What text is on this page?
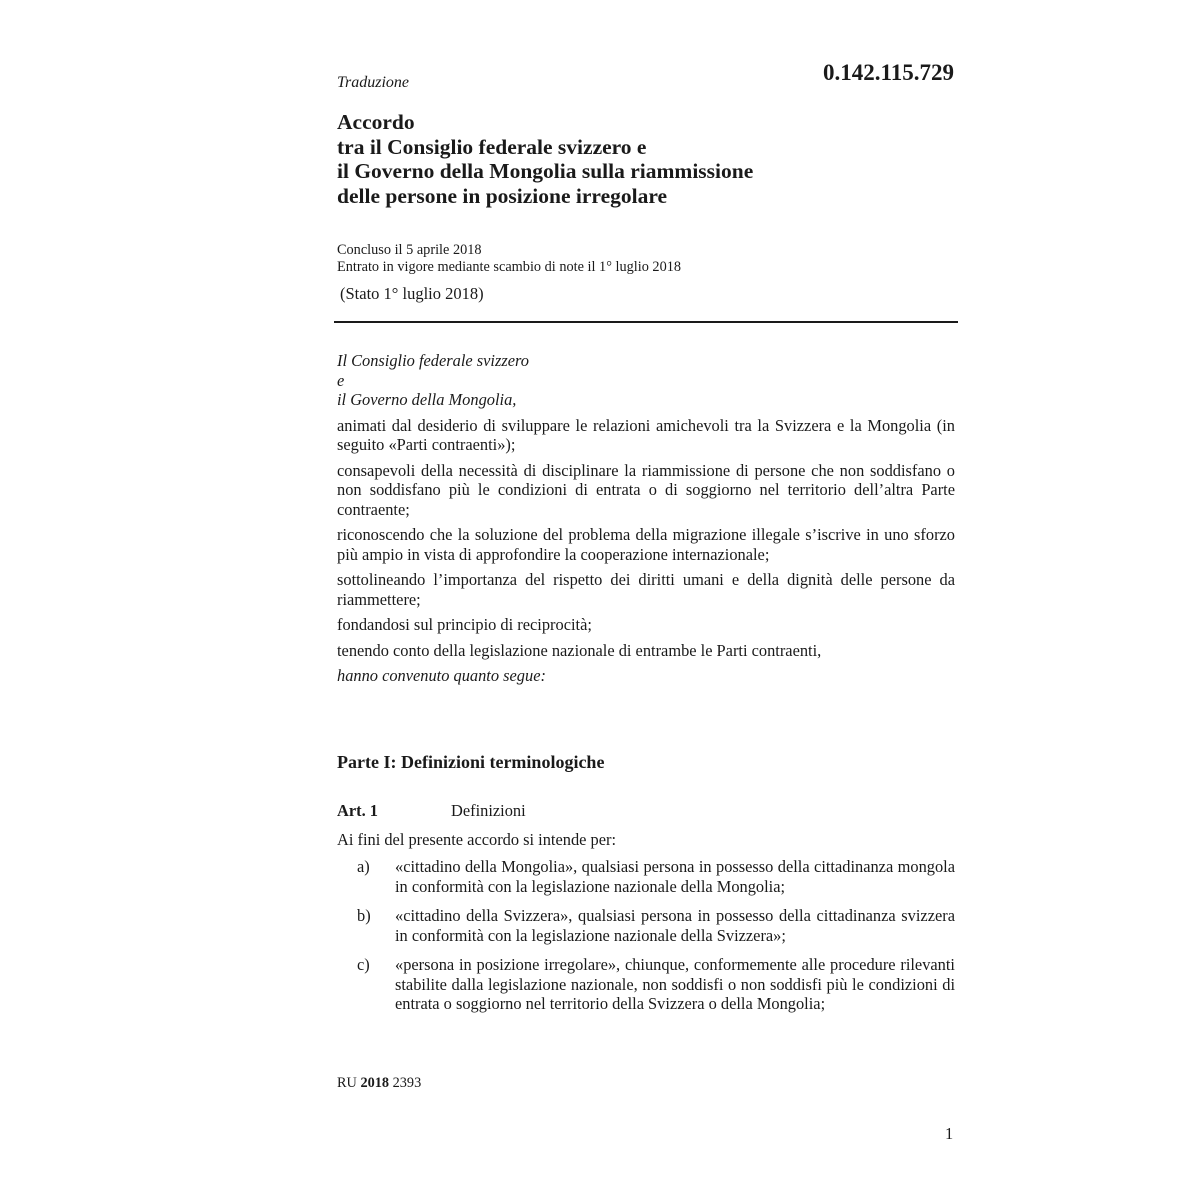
Traduzione	0.142.115.729
Accordo
tra il Consiglio federale svizzero e
il Governo della Mongolia sulla riammissione
delle persone in posizione irregolare
Concluso il 5 aprile 2018
Entrato in vigore mediante scambio di note il 1° luglio 2018
(Stato 1° luglio 2018)
Il Consiglio federale svizzero
e
il Governo della Mongolia,
animati dal desiderio di sviluppare le relazioni amichevoli tra la Svizzera e la Mongolia (in seguito «Parti contraenti»);
consapevoli della necessità di disciplinare la riammissione di persone che non soddisfano o non soddisfano più le condizioni di entrata o di soggiorno nel territorio dell’altra Parte contraente;
riconoscendo che la soluzione del problema della migrazione illegale s’iscrive in uno sforzo più ampio in vista di approfondire la cooperazione internazionale;
sottolineando l’importanza del rispetto dei diritti umani e della dignità delle persone da riammettere;
fondandosi sul principio di reciprocità;
tenendo conto della legislazione nazionale di entrambe le Parti contraenti,
hanno convenuto quanto segue:
Parte I: Definizioni terminologiche
Art. 1	Definizioni
Ai fini del presente accordo si intende per:
a)	«cittadino della Mongolia», qualsiasi persona in possesso della cittadinanza mongola in conformità con la legislazione nazionale della Mongolia;
b)	«cittadino della Svizzera», qualsiasi persona in possesso della cittadinanza svizzera in conformità con la legislazione nazionale della Svizzera»;
c)	«persona in posizione irregolare», chiunque, conformemente alle procedure rilevanti stabilite dalla legislazione nazionale, non soddisfi o non soddisfi più le condizioni di entrata o soggiorno nel territorio della Svizzera o della Mongolia;
RU 2018 2393
1
